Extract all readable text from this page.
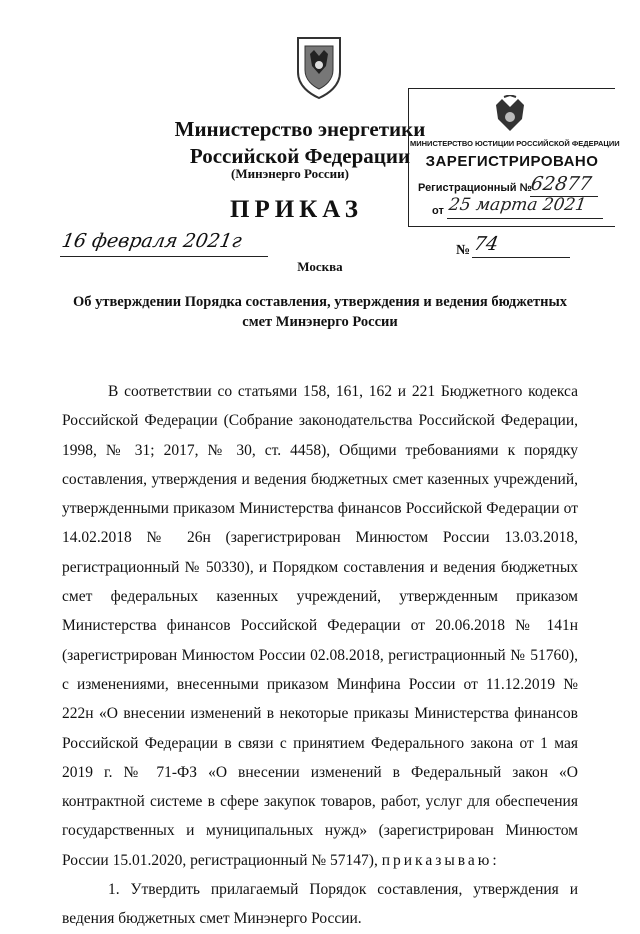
Министерство энергетики
Российской Федерации
(Минэнерго России)
МИНИСТЕРСТВО ЮСТИЦИИ РОССИЙСКОЙ ФЕДЕРАЦИИ
ЗАРЕГИСТРИРОВАНО
Регистрационный №
62877
от 25 марта 2021
ПРИКАЗ
16 февраля 2021г	№ 74
Москва
Об утверждении Порядка составления, утверждения и ведения бюджетных
смет Минэнерго России

В соответствии со статьями 158, 161, 162 и 221 Бюджетного кодекса Российской Федерации (Собрание законодательства Российской Федерации, 1998, № 31; 2017, № 30, ст. 4458), Общими требованиями к порядку составления, утверждения и ведения бюджетных смет казенных учреждений, утвержденными приказом Министерства финансов Российской Федерации от 14.02.2018 № 26н (зарегистрирован Минюстом России 13.03.2018, регистрационный № 50330), и Порядком составления и ведения бюджетных смет федеральных казенных учреждений, утвержденным приказом Министерства финансов Российской Федерации от 20.06.2018 № 141н (зарегистрирован Минюстом России 02.08.2018, регистрационный № 51760), с изменениями, внесенными приказом Минфина России от 11.12.2019 № 222н «О внесении изменений в некоторые приказы Министерства финансов Российской Федерации в связи с принятием Федерального закона от 1 мая 2019 г. № 71-ФЗ «О внесении изменений в Федеральный закон «О контрактной системе в сфере закупок товаров, работ, услуг для обеспечения государственных и муниципальных нужд» (зарегистрирован Минюстом России 15.01.2020, регистрационный № 57147), приказываю:

1. Утвердить прилагаемый Порядок составления, утверждения и ведения бюджетных смет Минэнерго России.
